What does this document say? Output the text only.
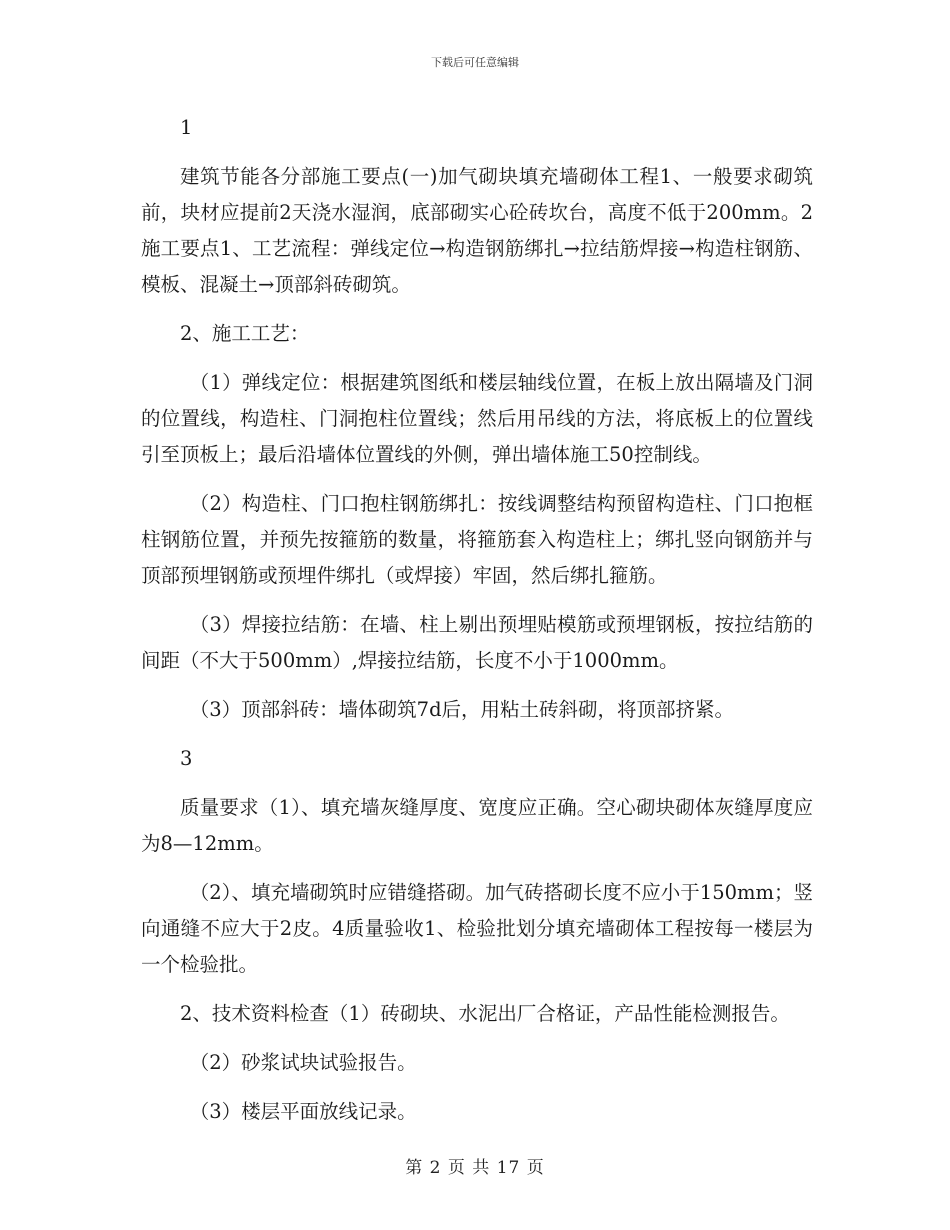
下载后可任意编辑

1

建筑节能各分部施工要点(一)加气砌块填充墙砌体工程1、一般要求砌筑前，块材应提前2天浇水湿润，底部砌实心砼砖坎台，高度不低于200mm。2施工要点1、工艺流程：弹线定位→构造钢筋绑扎→拉结筋焊接→构造柱钢筋、模板、混凝土→顶部斜砖砌筑。

2、施工工艺：

（1）弹线定位：根据建筑图纸和楼层轴线位置，在板上放出隔墙及门洞的位置线，构造柱、门洞抱柱位置线；然后用吊线的方法，将底板上的位置线引至顶板上；最后沿墙体位置线的外侧，弹出墙体施工50控制线。

（2）构造柱、门口抱柱钢筋绑扎：按线调整结构预留构造柱、门口抱框柱钢筋位置，并预先按箍筋的数量，将箍筋套入构造柱上；绑扎竖向钢筋并与顶部预埋钢筋或预埋件绑扎（或焊接）牢固，然后绑扎箍筋。

（3）焊接拉结筋：在墙、柱上剔出预埋贴模筋或预埋钢板，按拉结筋的间距（不大于500mm）,焊接拉结筋，长度不小于1000mm。

（3）顶部斜砖：墙体砌筑7d后，用粘土砖斜砌，将顶部挤紧。

3

质量要求（1）、填充墙灰缝厚度、宽度应正确。空心砌块砌体灰缝厚度应为8—12mm。

（2）、填充墙砌筑时应错缝搭砌。加气砖搭砌长度不应小于150mm；竖向通缝不应大于2皮。4质量验收1、检验批划分填充墙砌体工程按每一楼层为一个检验批。

2、技术资料检查（1）砖砌块、水泥出厂合格证，产品性能检测报告。

（2）砂浆试块试验报告。

（3）楼层平面放线记录。

第 2 页 共 17 页
